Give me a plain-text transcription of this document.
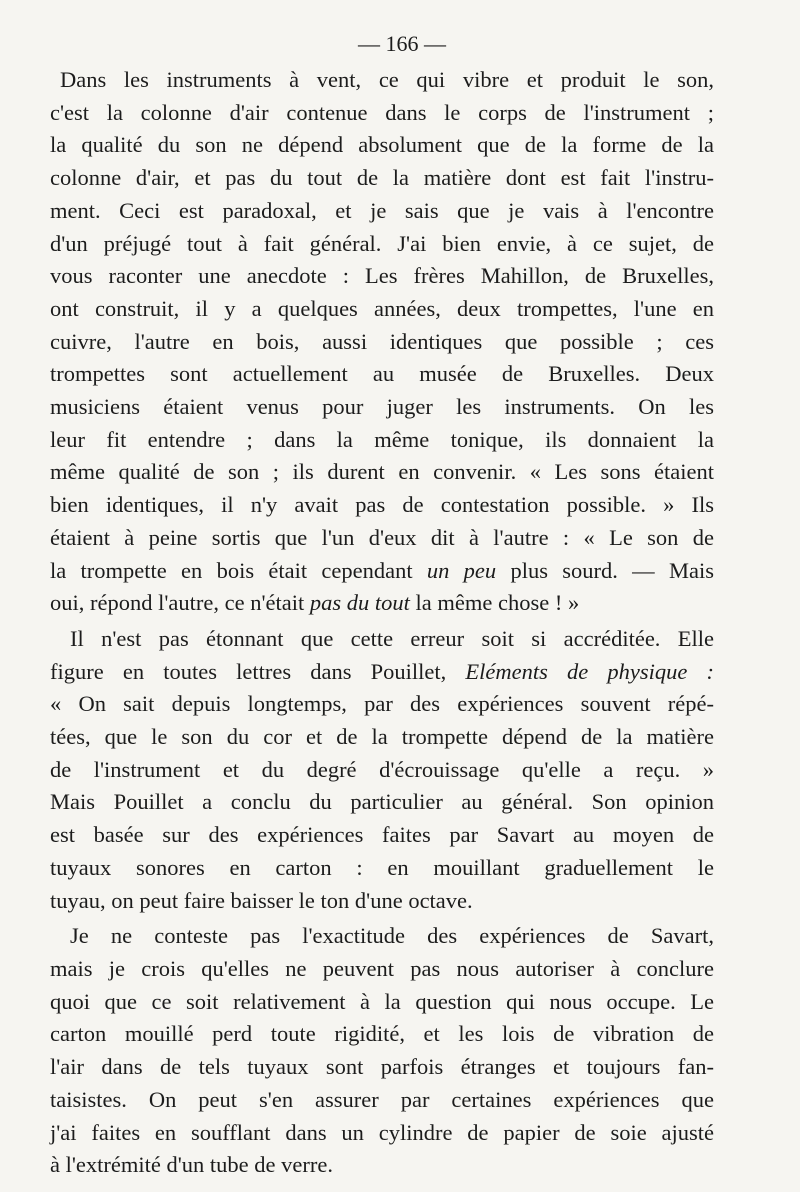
— 166 —
Dans les instruments à vent, ce qui vibre et produit le son,
c'est la colonne d'air contenue dans le corps de l'instrument ;
la qualité du son ne dépend absolument que de la forme de la
colonne d'air, et pas du tout de la matière dont est fait l'instru-
ment. Ceci est paradoxal, et je sais que je vais à l'encontre
d'un préjugé tout à fait général. J'ai bien envie, à ce sujet, de
vous raconter une anecdote : Les frères Mahillon, de Bruxelles,
ont construit, il y a quelques années, deux trompettes, l'une en
cuivre, l'autre en bois, aussi identiques que possible ; ces
trompettes sont actuellement au musée de Bruxelles. Deux
musiciens étaient venus pour juger les instruments. On les
leur fit entendre ; dans la même tonique, ils donnaient la
même qualité de son ; ils durent en convenir. « Les sons étaient
bien identiques, il n'y avait pas de contestation possible. » Ils
étaient à peine sortis que l'un d'eux dit à l'autre : « Le son de
la trompette en bois était cependant un peu plus sourd. — Mais
oui, répond l'autre, ce n'était pas du tout la même chose ! »
Il n'est pas étonnant que cette erreur soit si accréditée. Elle
figure en toutes lettres dans Pouillet, Eléments de physique :
« On sait depuis longtemps, par des expériences souvent répé-
tées, que le son du cor et de la trompette dépend de la matière
de l'instrument et du degré d'écrouissage qu'elle a reçu. »
Mais Pouillet a conclu du particulier au général. Son opinion
est basée sur des expériences faites par Savart au moyen de
tuyaux sonores en carton : en mouillant graduellement le
tuyau, on peut faire baisser le ton d'une octave.
Je ne conteste pas l'exactitude des expériences de Savart,
mais je crois qu'elles ne peuvent pas nous autoriser à conclure
quoi que ce soit relativement à la question qui nous occupe. Le
carton mouillé perd toute rigidité, et les lois de vibration de
l'air dans de tels tuyaux sont parfois étranges et toujours fan-
taisistes. On peut s'en assurer par certaines expériences que
j'ai faites en soufflant dans un cylindre de papier de soie ajusté
à l'extrémité d'un tube de verre.
